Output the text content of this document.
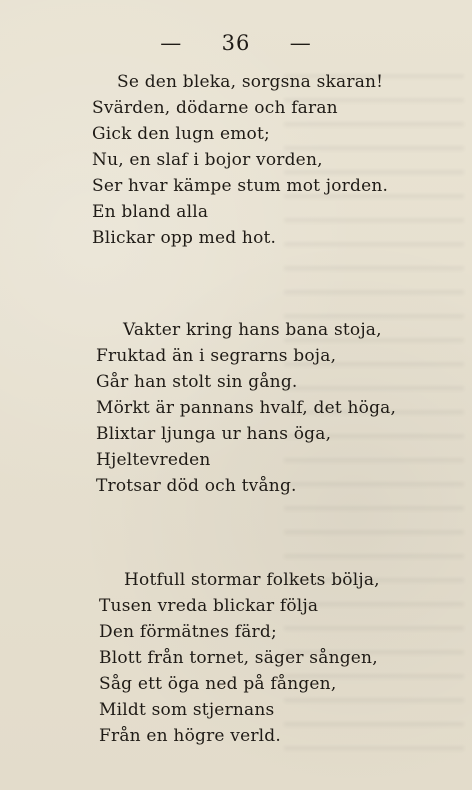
— 36 —
Se den bleka, sorgsna skaran!
Svärden, dödarne och faran
Gick den lugn emot;
Nu, en slaf i bojor vorden,
Ser hvar kämpe stum mot jorden.
En bland alla
Blickar opp med hot.
Vakter kring hans bana stoja,
Fruktad än i segrarns boja,
Går han stolt sin gång.
Mörkt är pannans hvalf, det höga,
Blixtar ljunga ur hans öga,
Hjeltevreden
Trotsar död och tvång.
Hotfull stormar folkets bölja,
Tusen vreda blickar följa
Den förmätnes färd;
Blott från tornet, säger sången,
Såg ett öga ned på fången,
Mildt som stjernans
Från en högre verld.
